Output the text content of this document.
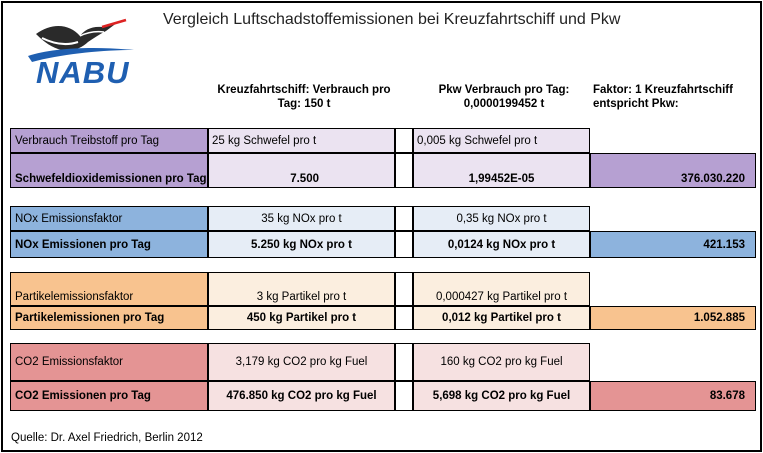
NABU
Vergleich Luftschadstoffemissionen bei Kreuzfahrtschiff und Pkw
Kreuzfahrtschiff: Verbrauch pro
Tag: 150 t
Pkw Verbrauch pro Tag:
0,0000199452 t
Faktor: 1 Kreuzfahrtschiff
entspricht Pkw:
Verbrauch Treibstoff pro Tag	25 kg Schwefel pro t	0,005 kg Schwefel pro t
Schwefeldioxidemissionen pro Tag	7.500	1,99452E-05	376.030.220
NOx Emissionsfaktor	35 kg NOx pro t	0,35 kg NOx pro t
NOx Emissionen pro Tag	5.250 kg NOx pro t	0,0124 kg NOx pro t	421.153
Partikelemissionsfaktor	3 kg Partikel pro t	0,000427 kg Partikel pro t
Partikelemissionen pro Tag	450 kg Partikel pro t	0,012 kg Partikel pro t	1.052.885
CO2 Emissionsfaktor	3,179 kg CO2 pro kg Fuel	160 kg CO2 pro kg Fuel
CO2 Emissionen pro Tag	476.850 kg CO2 pro kg Fuel	5,698 kg CO2 pro kg Fuel	83.678
Quelle: Dr. Axel Friedrich, Berlin 2012
